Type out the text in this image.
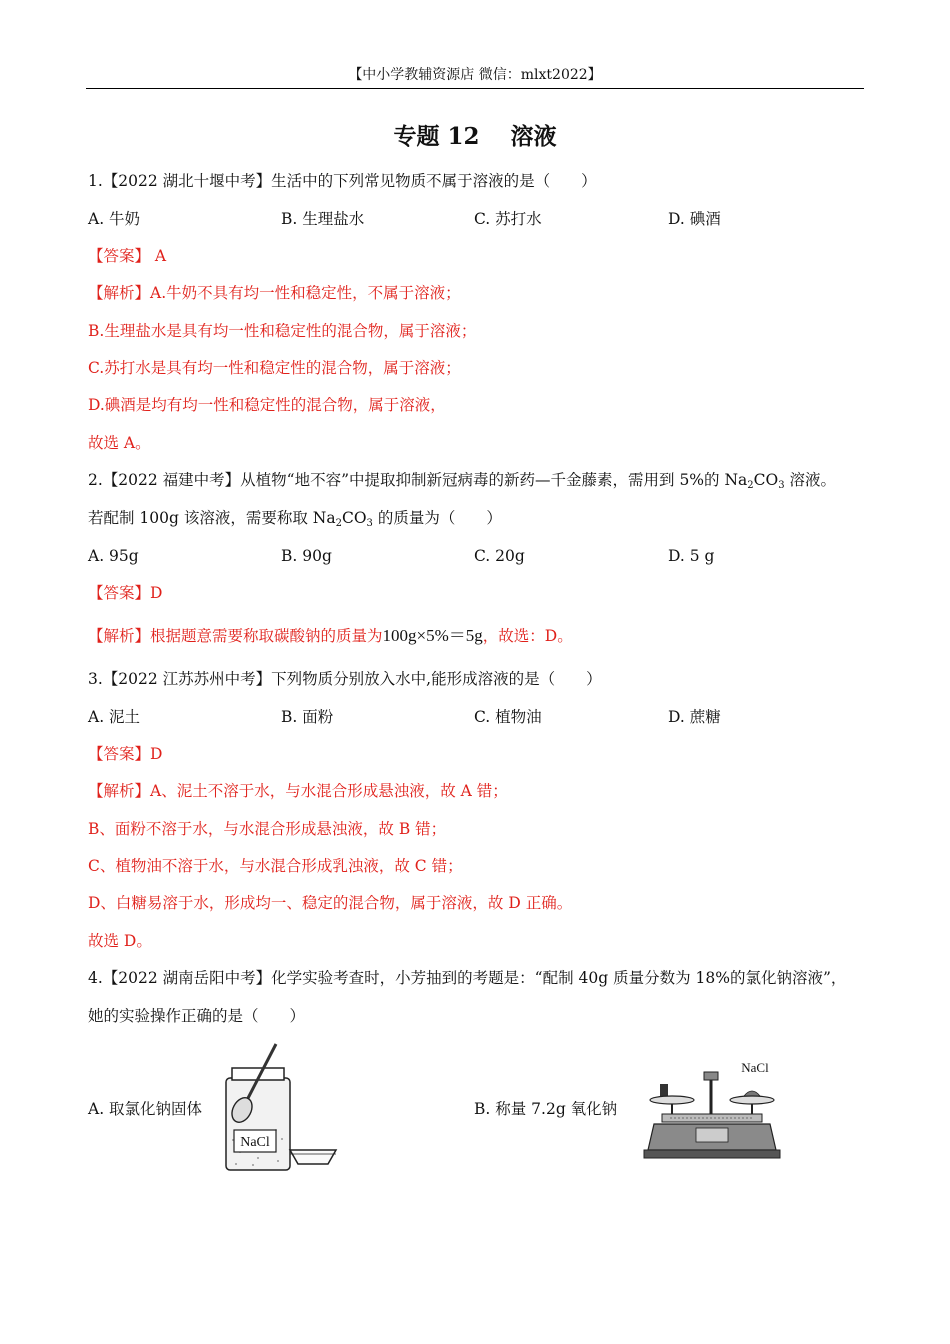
【中小学教辅资源店 微信：mlxt2022】
专题 12　 溶液
1.【2022 湖北十堰中考】生活中的下列常见物质不属于溶液的是（　　）
A. 牛奶	B. 生理盐水	C. 苏打水	D. 碘酒
【答案】 A
【解析】A.牛奶不具有均一性和稳定性，不属于溶液；
B.生理盐水是具有均一性和稳定性的混合物，属于溶液；
C.苏打水是具有均一性和稳定性的混合物，属于溶液；
D.碘酒是均有均一性和稳定性的混合物，属于溶液，
故选 A。
2.【2022 福建中考】从植物“地不容”中提取抑制新冠病毒的新药—千金藤素，需用到 5%的 $Na_2CO_3$ 溶液。
若配制 100g 该溶液，需要称取 $Na_2CO_3$ 的质量为（　　）
A. 95g	B. 90g	C. 20g	D. 5 g
【答案】D
【解析】根据题意需要称取碳酸钠的质量为100g×5%＝5g，故选：D。
3.【2022 江苏苏州中考】下列物质分别放入水中,能形成溶液的是（　　）
A. 泥土	B. 面粉	C. 植物油	D. 蔗糖
【答案】D
【解析】A、泥土不溶于水，与水混合形成悬浊液，故 A 错；
B、面粉不溶于水，与水混合形成悬浊液，故 B 错；
C、植物油不溶于水，与水混合形成乳浊液，故 C 错；
D、白糖易溶于水，形成均一、稳定的混合物，属于溶液，故 D 正确。
故选 D。
4.【2022 湖南岳阳中考】化学实验考查时，小芳抽到的考题是：“配制 40g 质量分数为 18%的氯化钠溶液”，
她的实验操作正确的是（　　）
A. 取氯化钠固体	B. 称量 7.2g 氧化钠
NaCl
NaCl
